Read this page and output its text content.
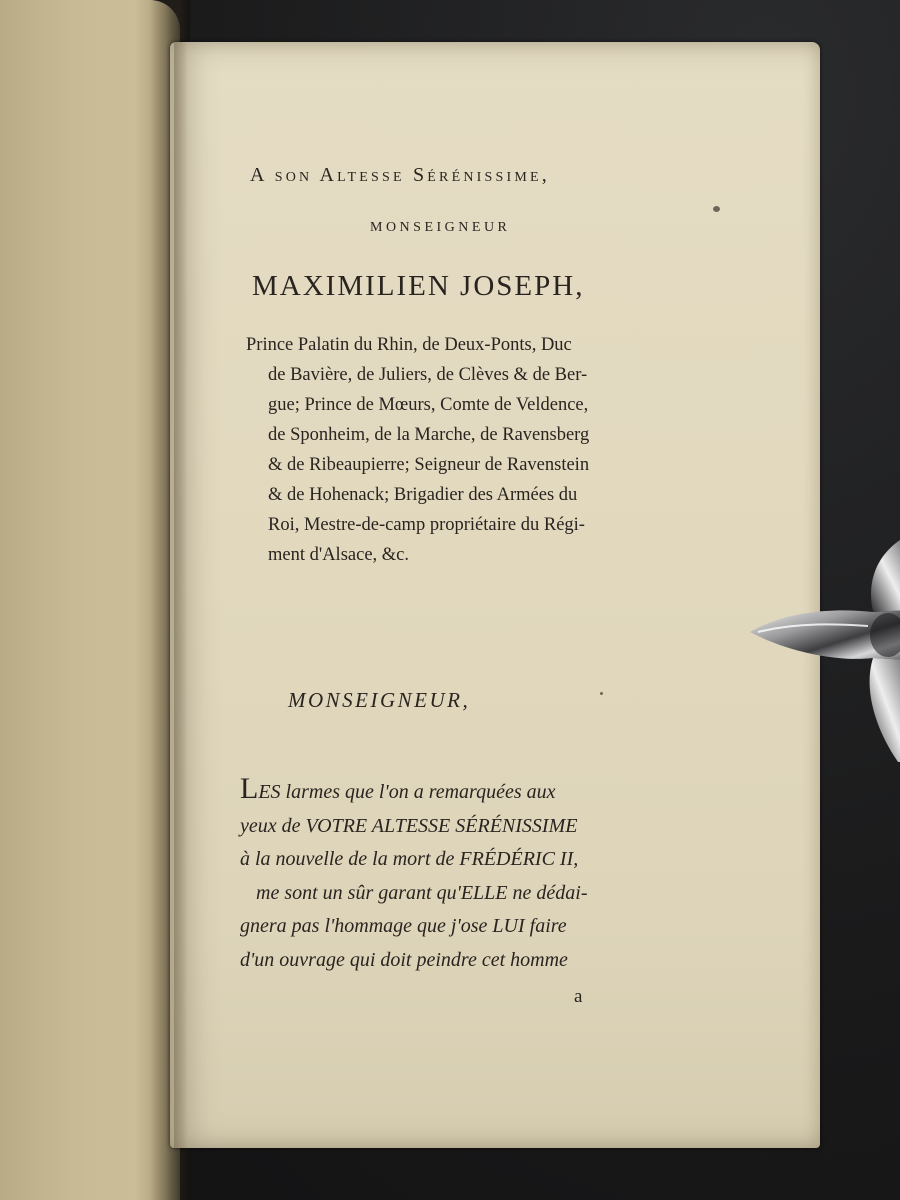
A son Altesse Sérénissime,
MONSEIGNEUR
MAXIMILIEN JOSEPH,
Prince Palatin du Rhin, de Deux-Ponts, Duc
de Bavière, de Juliers, de Clèves & de Ber-
gue; Prince de Mœurs, Comte de Veldence,
de Sponheim, de la Marche, de Ravensberg
& de Ribeaupierre; Seigneur de Ravenstein
& de Hohenack; Brigadier des Armées du
Roi, Mestre-de-camp propriétaire du Régi-
ment d'Alsace, &c.
MONSEIGNEUR,
LES larmes que l'on a remarquées aux
yeux de VOTRE ALTESSE SÉRÉNISSIME
à la nouvelle de la mort de FRÉDÉRIC II,
me sont un sûr garant qu'ELLE ne dédai-
gnera pas l'hommage que j'ose LUI faire
d'un ouvrage qui doit peindre cet homme
a
